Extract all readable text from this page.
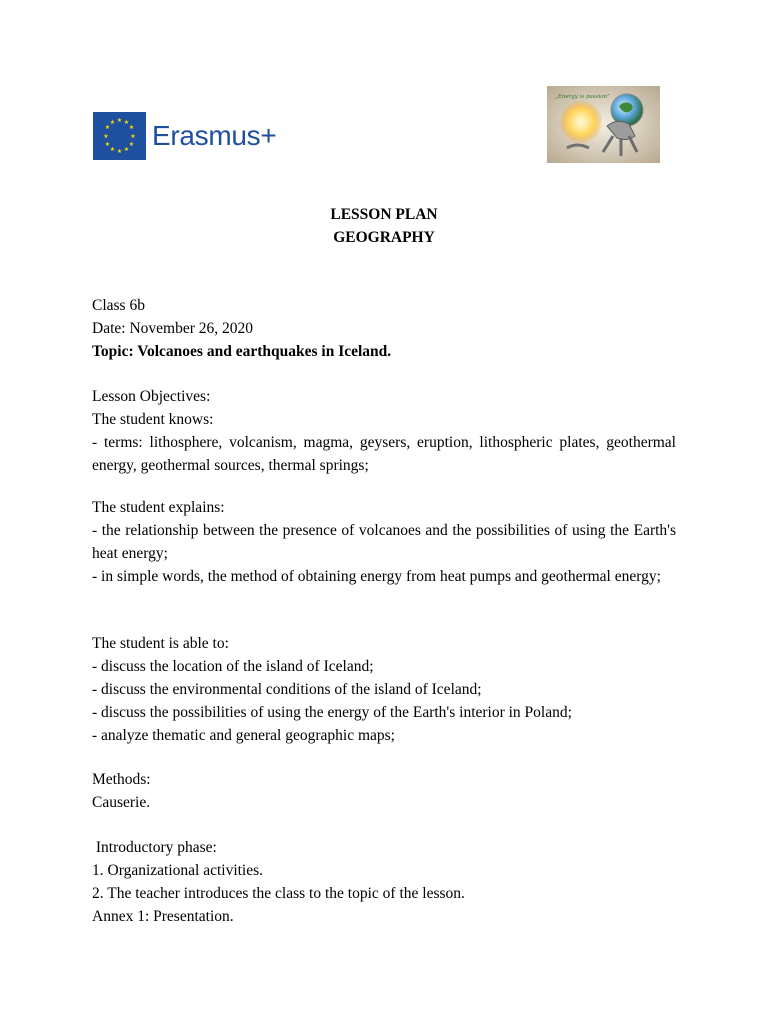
★ ★
★
★
★
★
★
★
★
★
★
★ Erasmus+
„Energy is passion”
LESSON PLAN
GEOGRAPHY
Class 6b
Date: November 26, 2020
Topic: Volcanoes and earthquakes in Iceland.
Lesson Objectives:
The student knows:
- terms: lithosphere, volcanism, magma, geysers, eruption, lithospheric plates, geothermal energy, geothermal sources, thermal springs;
The student explains:
- the relationship between the presence of volcanoes and the possibilities of using the Earth's heat energy;
- in simple words, the method of obtaining energy from heat pumps and geothermal energy;
The student is able to:
- discuss the location of the island of Iceland;
- discuss the environmental conditions of the island of Iceland;
- discuss the possibilities of using the energy of the Earth's interior in Poland;
- analyze thematic and general geographic maps;
Methods:
Causerie.
Introductory phase:
1. Organizational activities.
2. The teacher introduces the class to the topic of the lesson.
Annex 1: Presentation.
